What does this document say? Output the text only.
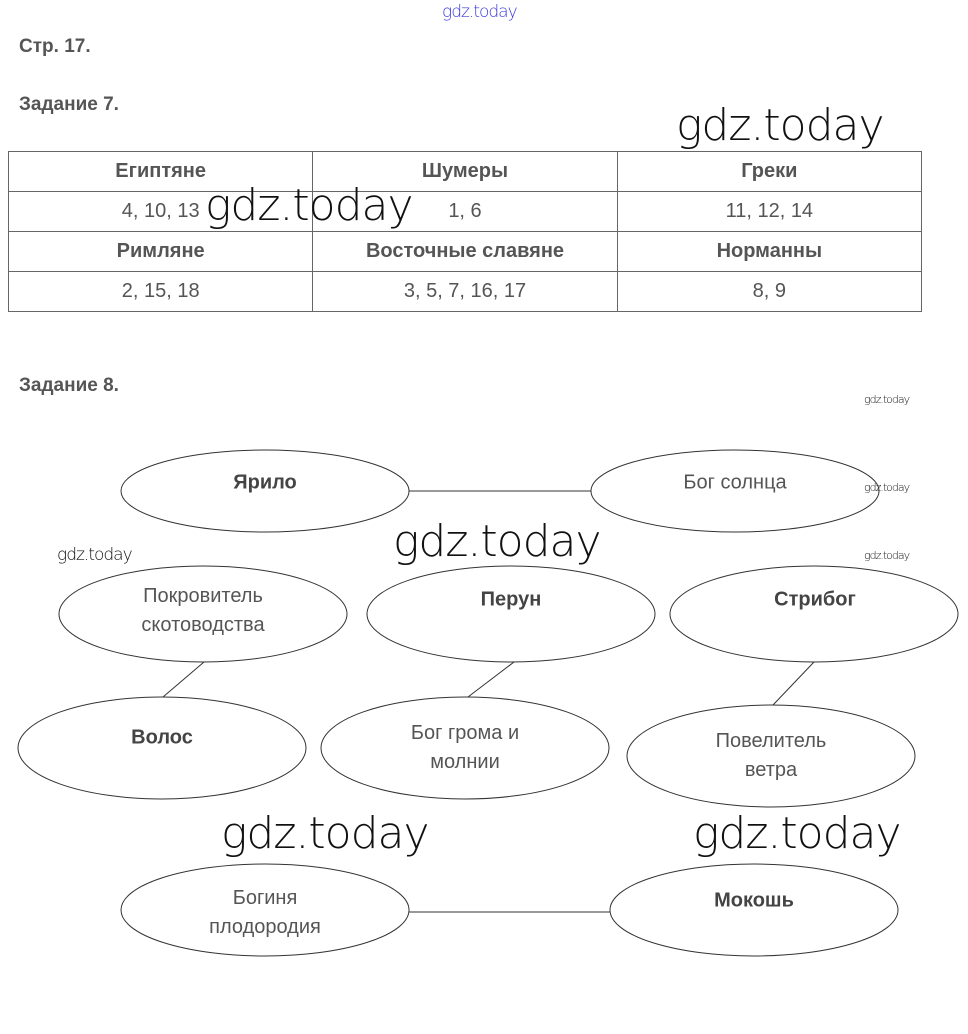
gdz.today
Стр. 17.
Задание 7.	gdz.today
Египтяне	Шумеры	Греки
4, 10, 13	1, 6	11, 12, 14
Римляне	Восточные славяне	Норманны
2, 15, 18	3, 5, 7, 16, 17	8, 9
gdz.today
Задание 8.
Ярило	Бог солнца
Покровитель
скотоводства
Перун	Стрибог
Волос	Бог грома и
молнии
Повелитель
ветра
Богиня
плодородия
Мокошь
gdz.today
gdz.today
gdz.today
gdz.today	gdz.today
gdz.today	gdz.today
